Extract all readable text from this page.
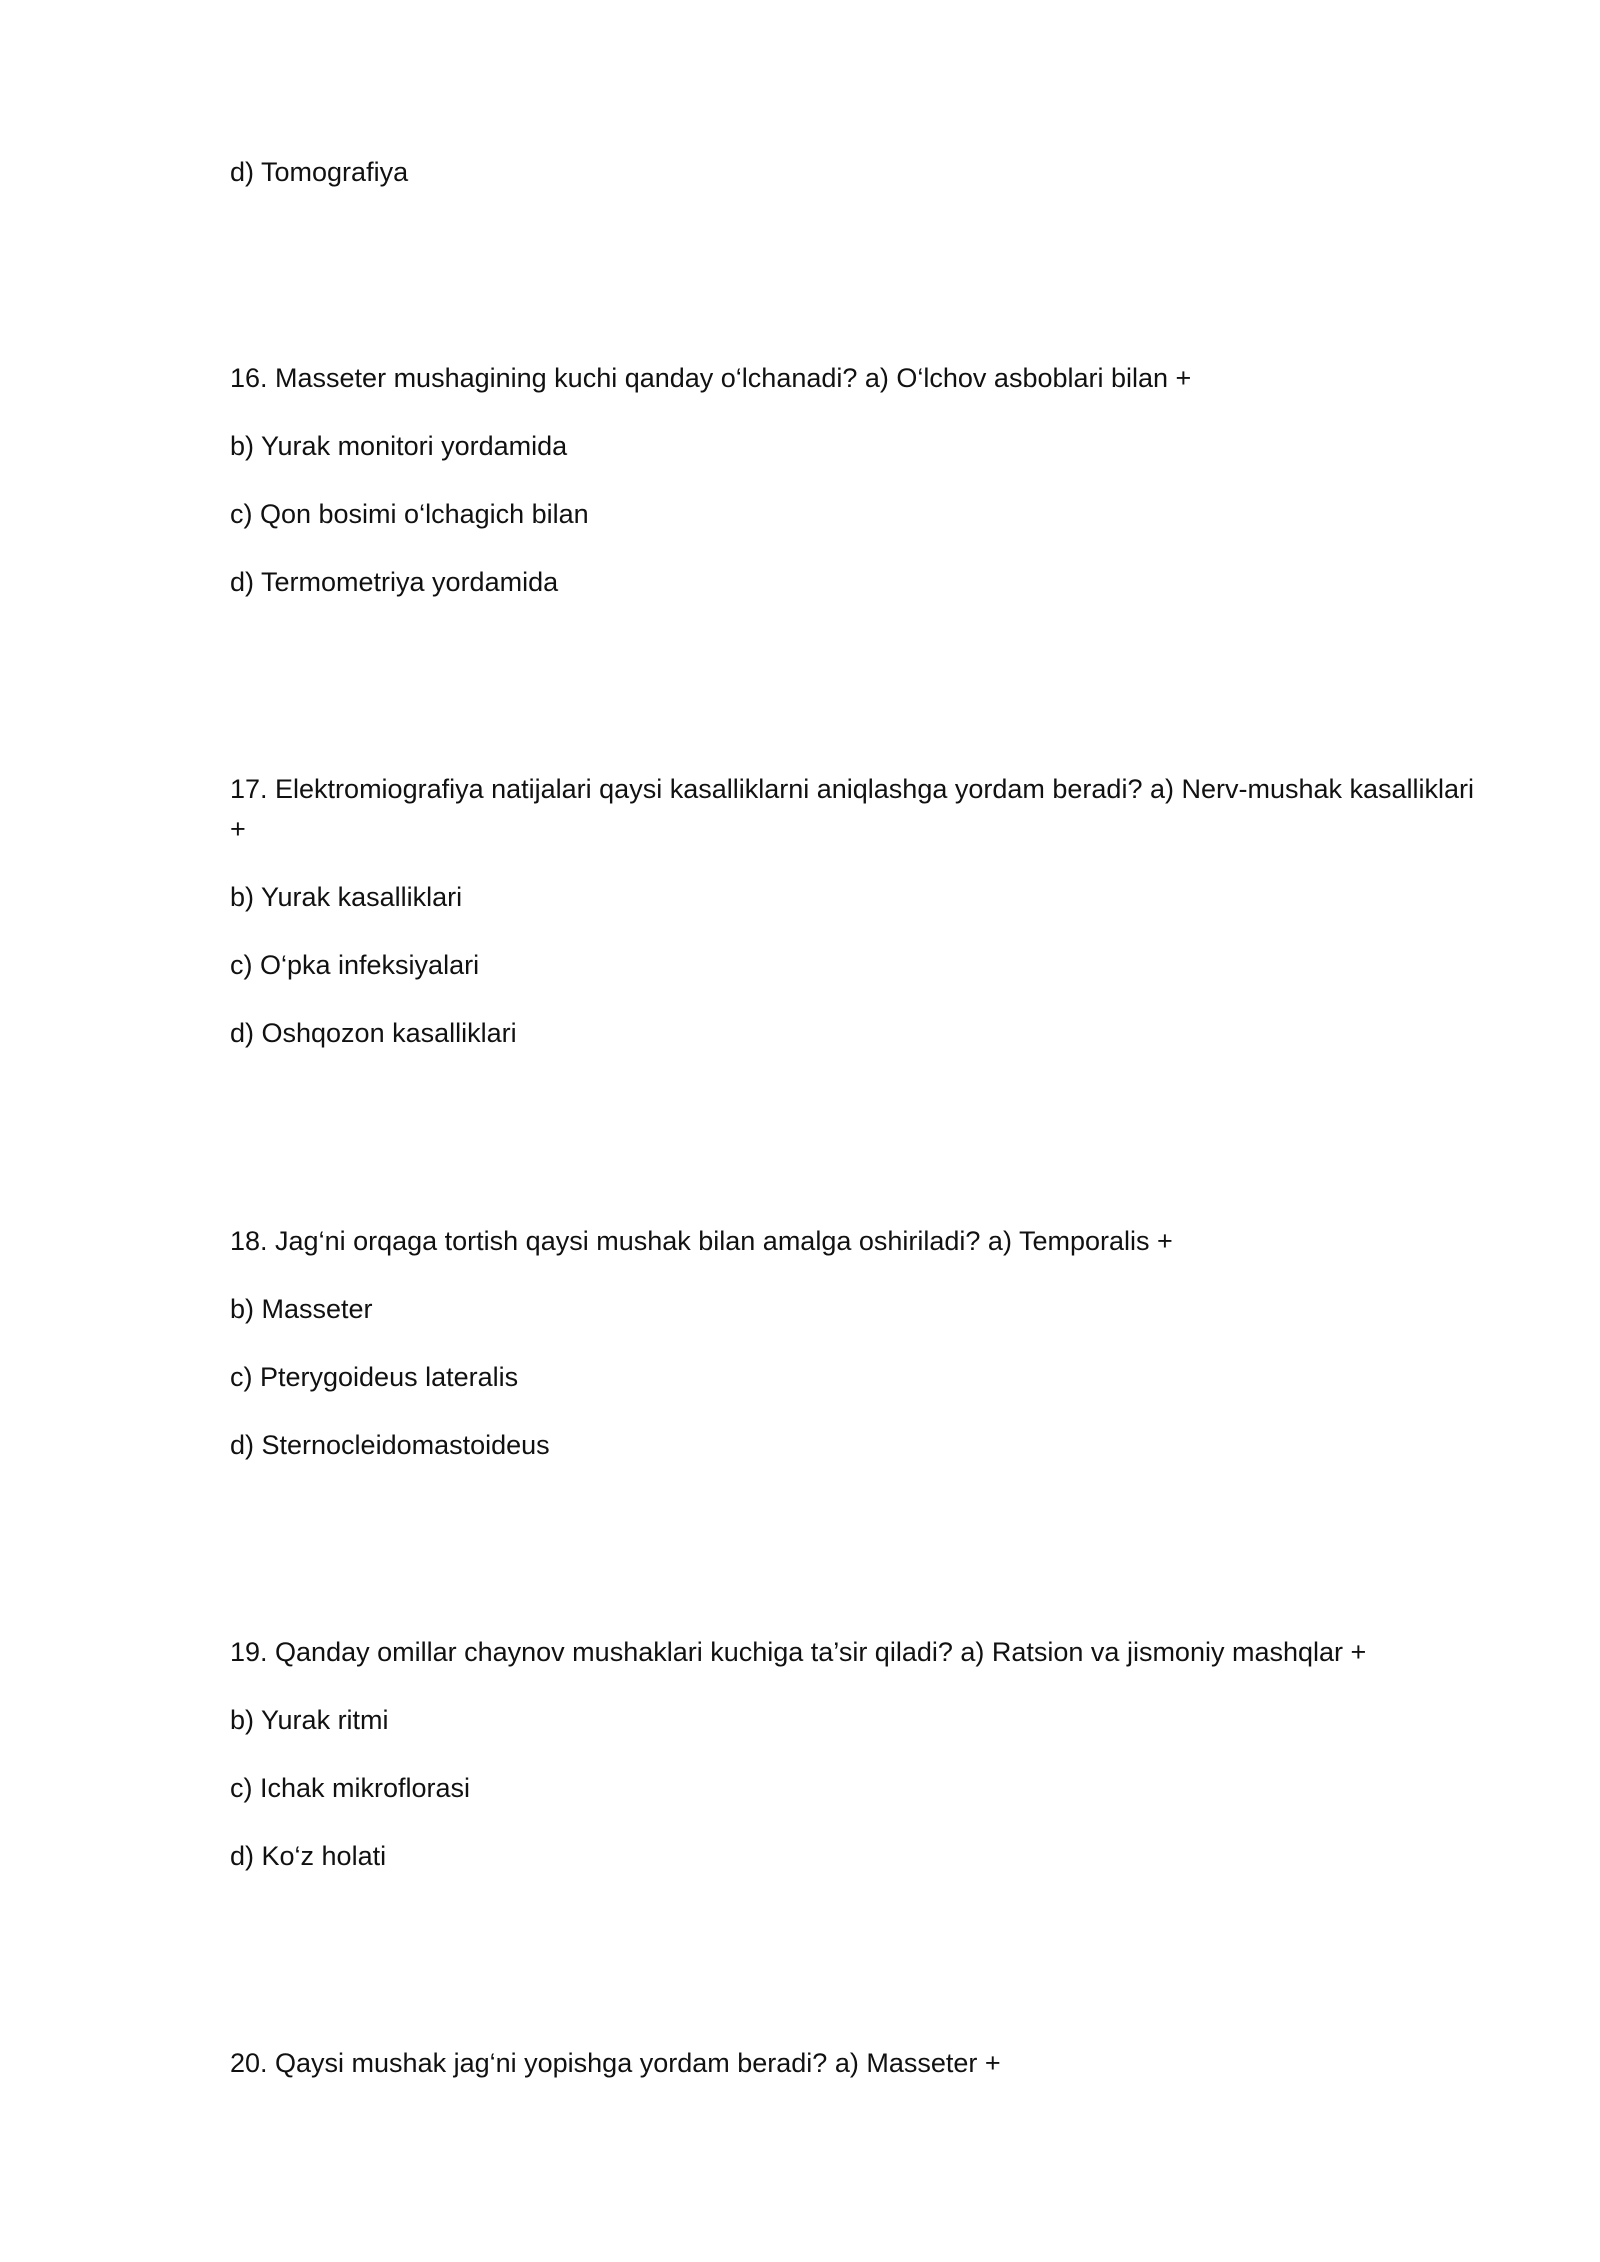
d) Tomografiya

16. Masseter mushagining kuchi qanday o‘lchanadi? a) O‘lchov asboblari bilan +

b) Yurak monitori yordamida

c) Qon bosimi o‘lchagich bilan

d) Termometriya yordamida

17. Elektromiografiya natijalari qaysi kasalliklarni aniqlashga yordam beradi? a) Nerv-mushak kasalliklari +

b) Yurak kasalliklari

c) O‘pka infeksiyalari

d) Oshqozon kasalliklari

18. Jag‘ni orqaga tortish qaysi mushak bilan amalga oshiriladi? a) Temporalis +

b) Masseter

c) Pterygoideus lateralis

d) Sternocleidomastoideus

19. Qanday omillar chaynov mushaklari kuchiga ta’sir qiladi? a) Ratsion va jismoniy mashqlar +

b) Yurak ritmi

c) Ichak mikroflorasi

d) Ko‘z holati

20. Qaysi mushak jag‘ni yopishga yordam beradi? a) Masseter +
